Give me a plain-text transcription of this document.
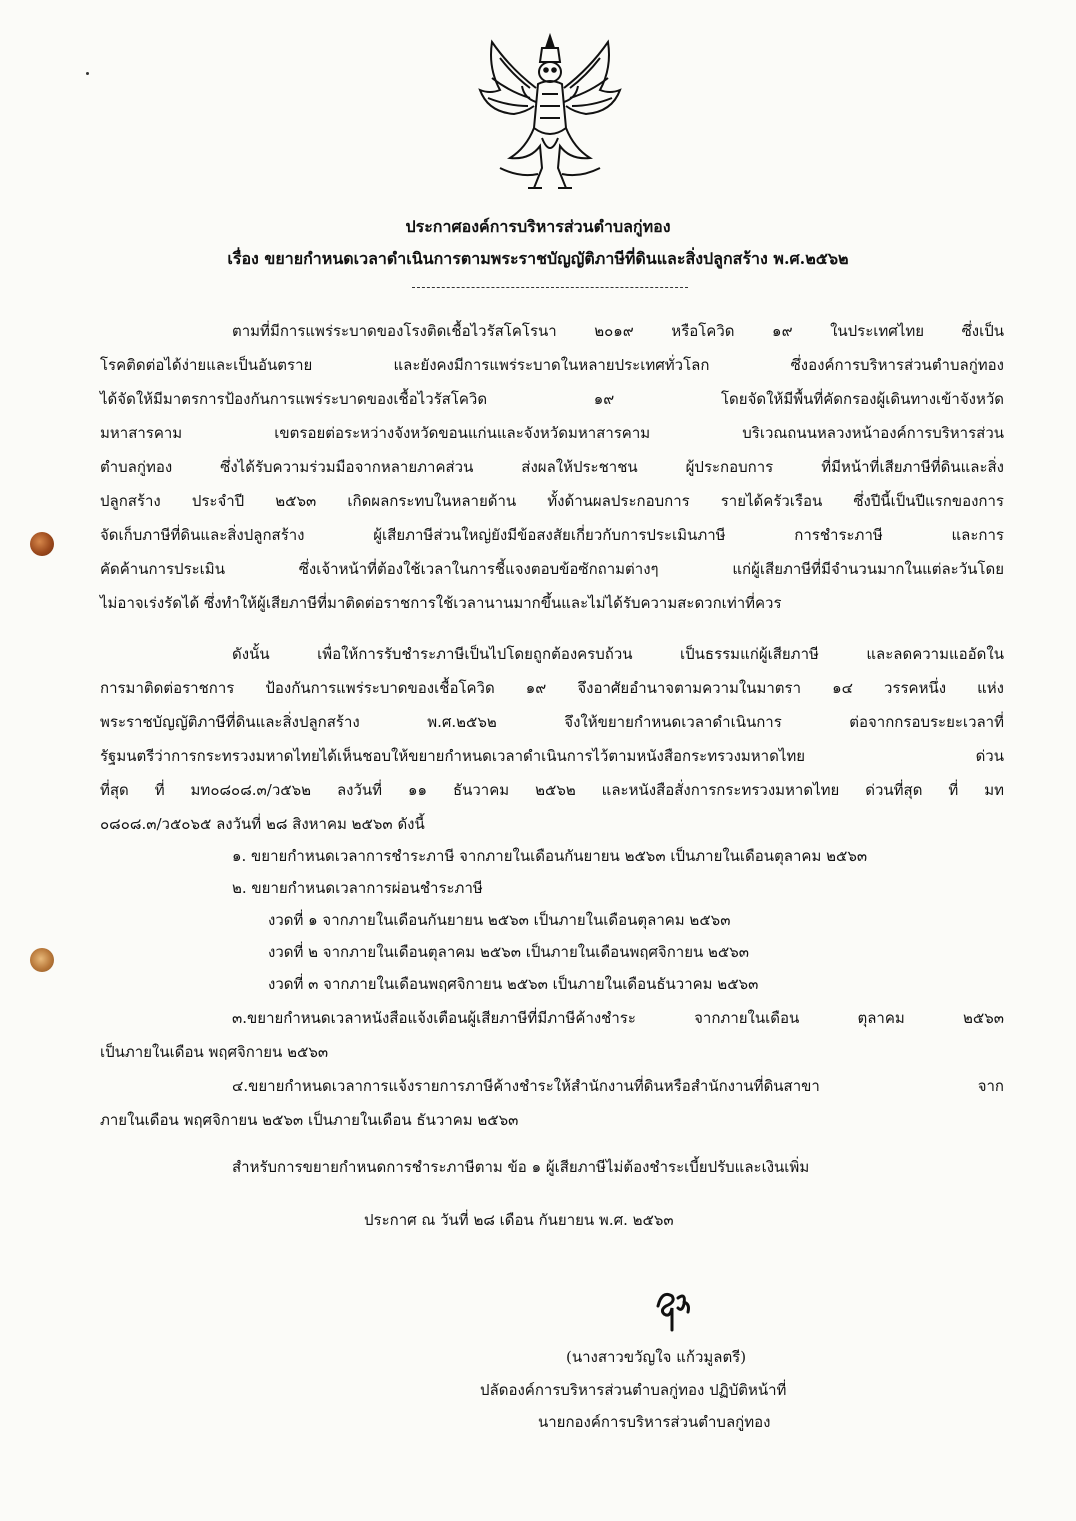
ประกาศองค์การบริหารส่วนตำบลกู่ทอง
เรื่อง ขยายกำหนดเวลาดำเนินการตามพระราชบัญญัติภาษีที่ดินและสิ่งปลูกสร้าง พ.ศ.๒๕๖๒
ตามที่มีการแพร่ระบาดของโรงติดเชื้อไวรัสโคโรนา ๒๐๑๙ หรือโควิด ๑๙ ในประเทศไทย ซึ่งเป็น
โรคติดต่อได้ง่ายและเป็นอันตราย และยังคงมีการแพร่ระบาดในหลายประเทศทั่วโลก ซึ่งองค์การบริหารส่วนตำบลกู่ทอง
ได้จัดให้มีมาตรการป้องกันการแพร่ระบาดของเชื้อไวรัสโควิด ๑๙ โดยจัดให้มีพื้นที่คัดกรองผู้เดินทางเข้าจังหวัด
มหาสารคาม เขตรอยต่อระหว่างจังหวัดขอนแก่นและจังหวัดมหาสารคาม บริเวณถนนหลวงหน้าองค์การบริหารส่วน
ตำบลกู่ทอง ซึ่งได้รับความร่วมมือจากหลายภาคส่วน ส่งผลให้ประชาชน ผู้ประกอบการ ที่มีหน้าที่เสียภาษีที่ดินและสิ่ง
ปลูกสร้าง ประจำปี ๒๕๖๓ เกิดผลกระทบในหลายด้าน ทั้งด้านผลประกอบการ รายได้ครัวเรือน ซึ่งปีนี้เป็นปีแรกของการ
จัดเก็บภาษีที่ดินและสิ่งปลูกสร้าง ผู้เสียภาษีส่วนใหญ่ยังมีข้อสงสัยเกี่ยวกับการประเมินภาษี การชำระภาษี และการ
คัดค้านการประเมิน ซึ่งเจ้าหน้าที่ต้องใช้เวลาในการชี้แจงตอบข้อซักถามต่างๆ แก่ผู้เสียภาษีที่มีจำนวนมากในแต่ละวันโดย
ไม่อาจเร่งรัดได้ ซึ่งทำให้ผู้เสียภาษีที่มาติดต่อราชการใช้เวลานานมากขึ้นและไม่ได้รับความสะดวกเท่าที่ควร
ดังนั้น เพื่อให้การรับชำระภาษีเป็นไปโดยถูกต้องครบถ้วน เป็นธรรมแก่ผู้เสียภาษี และลดความแออัดใน
การมาติดต่อราชการ ป้องกันการแพร่ระบาดของเชื้อโควิด ๑๙ จึงอาศัยอำนาจตามความในมาตรา ๑๔ วรรคหนึ่ง แห่ง
พระราชบัญญัติภาษีที่ดินและสิ่งปลูกสร้าง พ.ศ.๒๕๖๒ จึงให้ขยายกำหนดเวลาดำเนินการ ต่อจากกรอบระยะเวลาที่
รัฐมนตรีว่าการกระทรวงมหาดไทยได้เห็นชอบให้ขยายกำหนดเวลาดำเนินการไว้ตามหนังสือกระทรวงมหาดไทย ด่วน
ที่สุด ที่ มท๐๘๐๘.๓/ว๕๖๒ ลงวันที่ ๑๑ ธันวาคม ๒๕๖๒ และหนังสือสั่งการกระทรวงมหาดไทย ด่วนที่สุด ที่ มท
๐๘๐๘.๓/ว๕๐๖๕ ลงวันที่ ๒๘ สิงหาคม ๒๕๖๓ ดังนี้
๑. ขยายกำหนดเวลาการชำระภาษี จากภายในเดือนกันยายน ๒๕๖๓ เป็นภายในเดือนตุลาคม ๒๕๖๓
๒. ขยายกำหนดเวลาการผ่อนชำระภาษี
งวดที่ ๑ จากภายในเดือนกันยายน ๒๕๖๓ เป็นภายในเดือนตุลาคม ๒๕๖๓
งวดที่ ๒ จากภายในเดือนตุลาคม ๒๕๖๓ เป็นภายในเดือนพฤศจิกายน ๒๕๖๓
งวดที่ ๓ จากภายในเดือนพฤศจิกายน ๒๕๖๓ เป็นภายในเดือนธันวาคม ๒๕๖๓
๓.ขยายกำหนดเวลาหนังสือแจ้งเตือนผู้เสียภาษีที่มีภาษีค้างชำระ จากภายในเดือน ตุลาคม ๒๕๖๓
เป็นภายในเดือน พฤศจิกายน ๒๕๖๓
๔.ขยายกำหนดเวลาการแจ้งรายการภาษีค้างชำระให้สำนักงานที่ดินหรือสำนักงานที่ดินสาขา จาก
ภายในเดือน พฤศจิกายน ๒๕๖๓ เป็นภายในเดือน ธันวาคม ๒๕๖๓
สำหรับการขยายกำหนดการชำระภาษีตาม ข้อ ๑ ผู้เสียภาษีไม่ต้องชำระเบี้ยปรับและเงินเพิ่ม
ประกาศ ณ วันที่ ๒๘ เดือน กันยายน พ.ศ. ๒๕๖๓
(นางสาวขวัญใจ แก้วมูลตรี)
ปลัดองค์การบริหารส่วนตำบลกู่ทอง ปฏิบัติหน้าที่
นายกองค์การบริหารส่วนตำบลกู่ทอง
